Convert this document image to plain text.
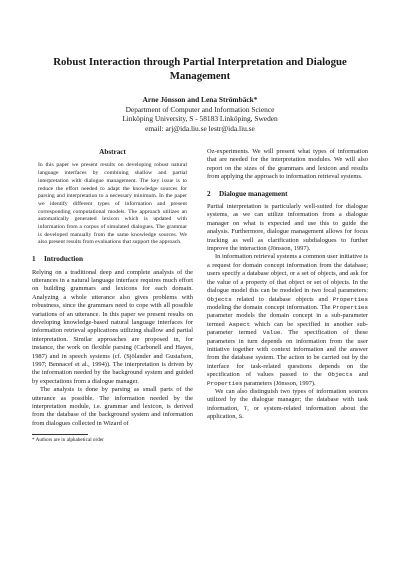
Robust Interaction through Partial Interpretation and Dialogue Management
Arne Jönsson and Lena Strömbäck*
Department of Computer and Information Science
Linköping University, S - 58183 Linköping, Sweden
email: arj@ida.liu.se lestr@ida.liu.se
Abstract

In this paper we present results on developing robust natural language interfaces by combining shallow and partial interpretation with dialogue management. The key issue is to reduce the effort needed to adapt the knowledge sources for parsing and interpretation to a necessary minimum. In the paper we identify different types of information and present corresponding computational models. The approach utilizes an automatically generated lexicon which is updated with information from a corpus of simulated dialogues. The grammar is developed manually from the same knowledge sources. We also present results from evaluations that support the approach.

1 Introduction

Relying on a traditional deep and complete analysis of the utterances in a natural language interface requires much effort on building grammars and lexicons for each domain. Analyzing a whole utterance also gives problems with robustness, since the grammars need to cope with all possible variations of an utterance. In this paper we present results on developing knowledge-based natural language interfaces for information retrieval applications utilizing shallow and partial interpretation. Similar approaches are proposed in, for instance, the work on flexible parsing (Carbonell and Hayes, 1987) and in speech systems (cf. (Sjölander and Gustafson, 1997; Bennacef et al., 1994)). The interpretation is driven by the information needed by the background system and guided by expectations from a dialogue manager.

The analysis is done by parsing as small parts of the utterance as possible. The information needed by the interpretation module, i.e. grammar and lexicon, is derived from the database of the background system and information from dialogues collected in Wizard of

* Authors are in alphabetical order

Oz-experiments. We will present what types of information that are needed for the interpretation modules. We will also report on the sizes of the grammars and lexicon and results from applying the approach to information retrieval systems.

2 Dialogue management

Partial interpretation is particularly well-suited for dialogue systems, as we can utilize information from a dialogue manager on what is expected and use this to guide the analysis. Furthermore, dialogue management allows for focus tracking as well as clarification subdialogues to further improve the interaction (Jönsson, 1997).

In information retrieval systems a common user initiative is a request for domain concept information from the database; users specify a database object, or a set of objects, and ask for the value of a property of that object or set of objects. In the dialogue model this can be modeled in two focal parameters: Objects related to database objects and Properties modeling the domain concept information. The Properties parameter models the domain concept in a sub-parameter termed Aspect which can be specified in another sub-parameter termed Value. The specification of these parameters in turn depends on information from the user initiative together with context information and the answer from the database system. The action to be carried out by the interface for task-related questions depends on the specification of values passed to the Objects and Properties parameters (Jönsson, 1997).

We can also distinguish two types of information sources utilized by the dialogue manager; the database with task information, T, or system-related information about the application, S.
